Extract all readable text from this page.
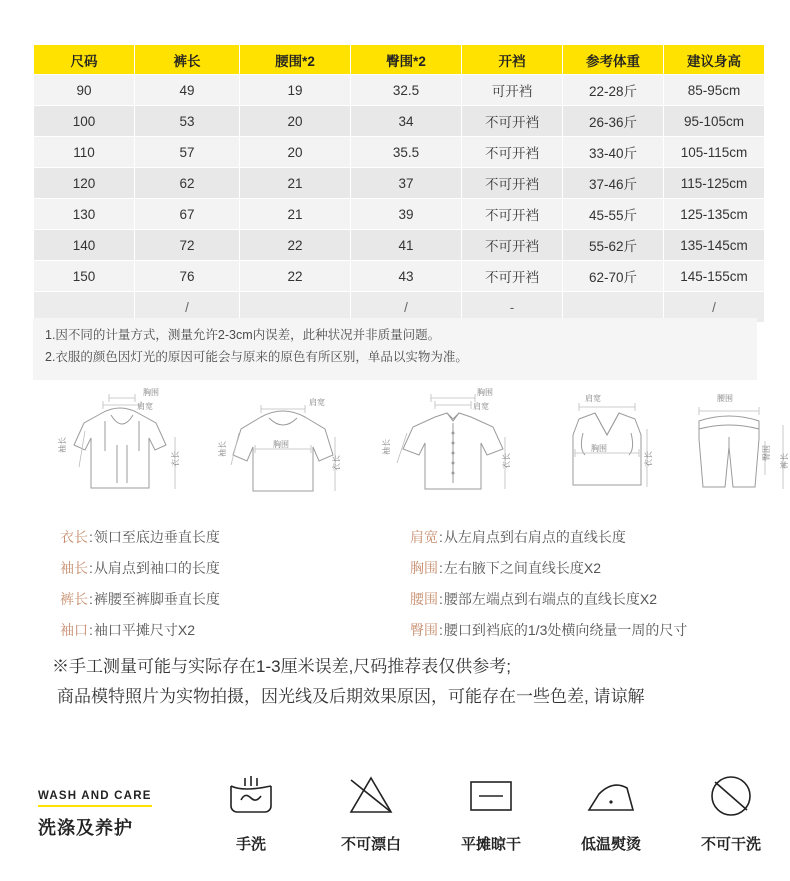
尺码	裤长	腰围*2	臀围*2	开裆	参考体重	建议身高
90	49	19	32.5	可开裆	22-28斤	85-95cm
100	53	20	34	不可开裆	26-36斤	95-105cm
110	57	20	35.5	不可开裆	33-40斤	105-115cm
120	62	21	37	不可开裆	37-46斤	115-125cm
130	67	21	39	不可开裆	45-55斤	125-135cm
140	72	22	41	不可开裆	55-62斤	135-145cm
150	76	22	43	不可开裆	62-70斤	145-155cm
	/		/	-		/

1.因不同的计量方式，测量允许2-3cm内误差，此种状况并非质量问题。

2.衣服的颜色因灯光的原因可能会与原来的原色有所区别，单品以实物为准。

胸围
肩宽
袖长
衣长
肩宽
袖长	胸围
衣长
胸围
肩宽
袖长
衣长
肩宽
胸围
衣长
腰围
臀围 裤长
衣长 : 领口至底边垂直长度	肩宽 : 从左肩点到右肩点的直线长度
袖长 : 从肩点到袖口的长度	胸围 : 左右腋下之间直线长度X2
裤长 : 裤腰至裤脚垂直长度	腰围 : 腰部左端点到右端点的直线长度X2
袖口 : 袖口平摊尺寸X2	臀围 : 腰口到裆底的1/3处横向绕量一周的尺寸
※手工测量可能与实际存在1-3厘米误差,尺码推荐表仅供参考;
商品模特照片为实物拍摄，因光线及后期效果原因，可能存在一些色差, 请谅解
WASH AND CARE
洗涤及养护
手洗	不可漂白	平摊晾干	低温熨烫	不可干洗
